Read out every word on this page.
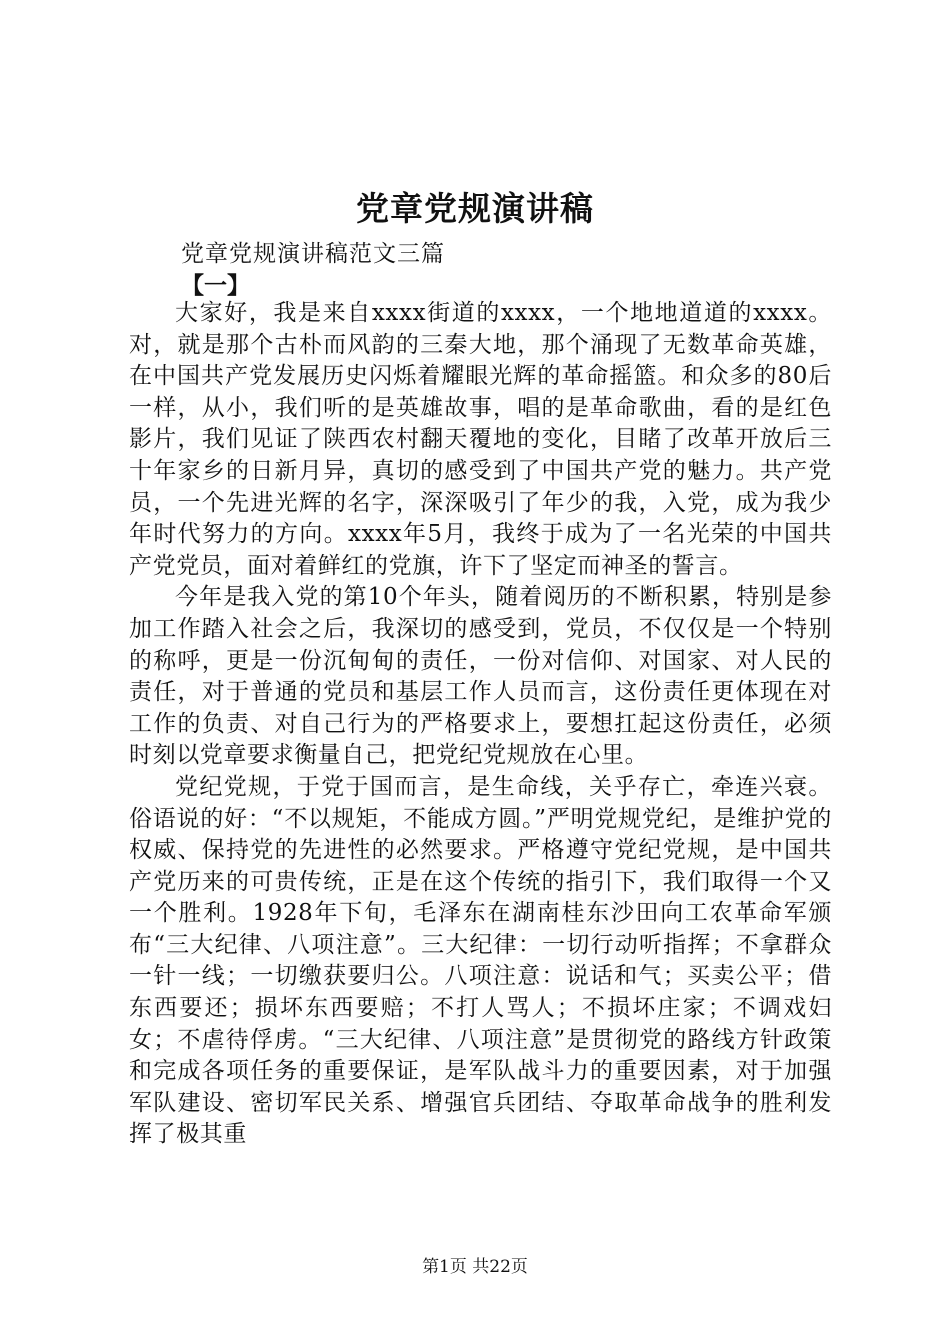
党章党规演讲稿
党章党规演讲稿范文三篇
【一】

大家好，我是来自xxxx街道的xxxx，一个地地道道的xxxx。对，就是那个古朴而风韵的三秦大地，那个涌现了无数革命英雄，在中国共产党发展历史闪烁着耀眼光辉的革命摇篮。和众多的80后一样，从小，我们听的是英雄故事，唱的是革命歌曲，看的是红色影片，我们见证了陕西农村翻天覆地的变化，目睹了改革开放后三十年家乡的日新月异，真切的感受到了中国共产党的魅力。共产党员，一个先进光辉的名字，深深吸引了年少的我，入党，成为我少年时代努力的方向。xxxx年5月，我终于成为了一名光荣的中国共产党党员，面对着鲜红的党旗，许下了坚定而神圣的誓言。

今年是我入党的第10个年头，随着阅历的不断积累，特别是参加工作踏入社会之后，我深切的感受到，党员，不仅仅是一个特别的称呼，更是一份沉甸甸的责任，一份对信仰、对国家、对人民的责任，对于普通的党员和基层工作人员而言，这份责任更体现在对工作的负责、对自己行为的严格要求上，要想扛起这份责任，必须时刻以党章要求衡量自己，把党纪党规放在心里。

党纪党规，于党于国而言，是生命线，关乎存亡，牵连兴衰。俗语说的好：“不以规矩，不能成方圆。”严明党规党纪，是维护党的权威、保持党的先进性的必然要求。严格遵守党纪党规，是中国共产党历来的可贵传统，正是在这个传统的指引下，我们取得一个又一个胜利。1928年下旬，毛泽东在湖南桂东沙田向工农革命军颁布“三大纪律、八项注意”。三大纪律：一切行动听指挥；不拿群众一针一线；一切缴获要归公。八项注意：说话和气；买卖公平；借东西要还；损坏东西要赔；不打人骂人；不损坏庄家；不调戏妇女；不虐待俘虏。“三大纪律、八项注意”是贯彻党的路线方针政策和完成各项任务的重要保证，是军队战斗力的重要因素，对于加强军队建设、密切军民关系、增强官兵团结、夺取革命战争的胜利发挥了极其重

第1页 共22页
